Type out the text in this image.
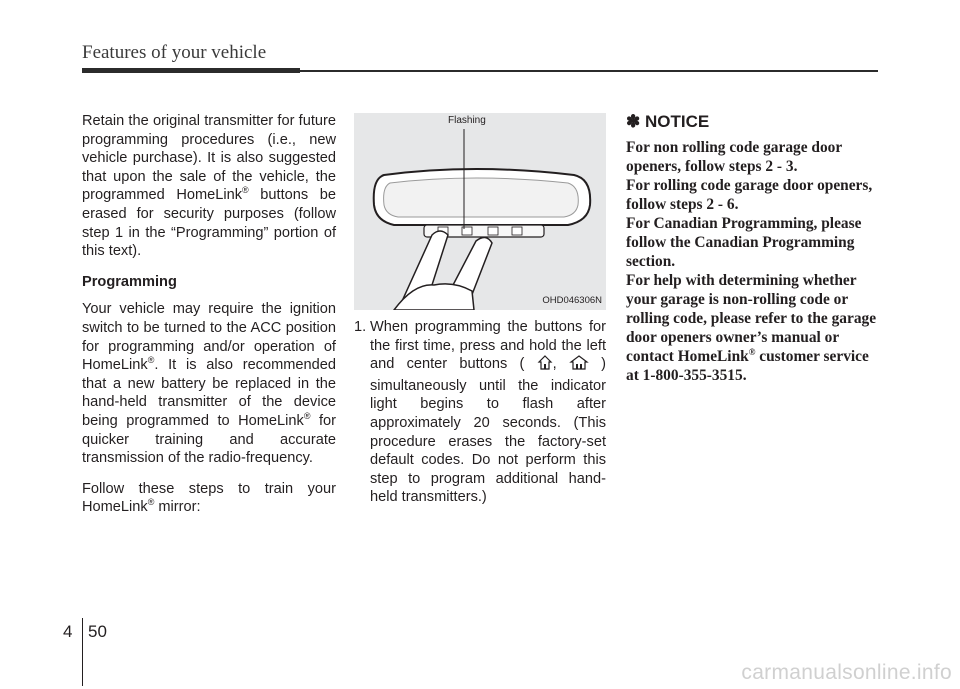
Features of your vehicle

Retain the original transmitter for future programming procedures (i.e., new vehicle purchase). It is also suggested that upon the sale of the vehicle, the programmed HomeLink® buttons be erased for security purposes (follow step 1 in the “Programming” portion of this text).

Programming

Your vehicle may require the ignition switch to be turned to the ACC position for programming and/or operation of HomeLink®. It is also recommended that a new battery be replaced in the hand-held transmitter of the device being programmed to HomeLink® for quicker training and accurate transmission of the radio-frequency.

Follow these steps to train your HomeLink® mirror:

Flashing
OHD046306N
1. When programming the buttons for the first time, press and hold the left and center buttons ( ,	) simultaneously until the indicator light begins to flash after approximately 20 seconds. (This procedure erases the factory-set default codes. Do not perform this step to program additional hand-held transmitters.)
✽ NOTICE

For non rolling code garage door openers, follow steps 2 - 3.

For rolling code garage door openers, follow steps 2 - 6.

For Canadian Programming, please follow the Canadian Programming section.

For help with determining whether your garage is non-rolling code or rolling code, please refer to the garage door openers owner’s manual or contact HomeLink® customer service at 1-800-355-3515.

4 50
carmanualsonline.info
